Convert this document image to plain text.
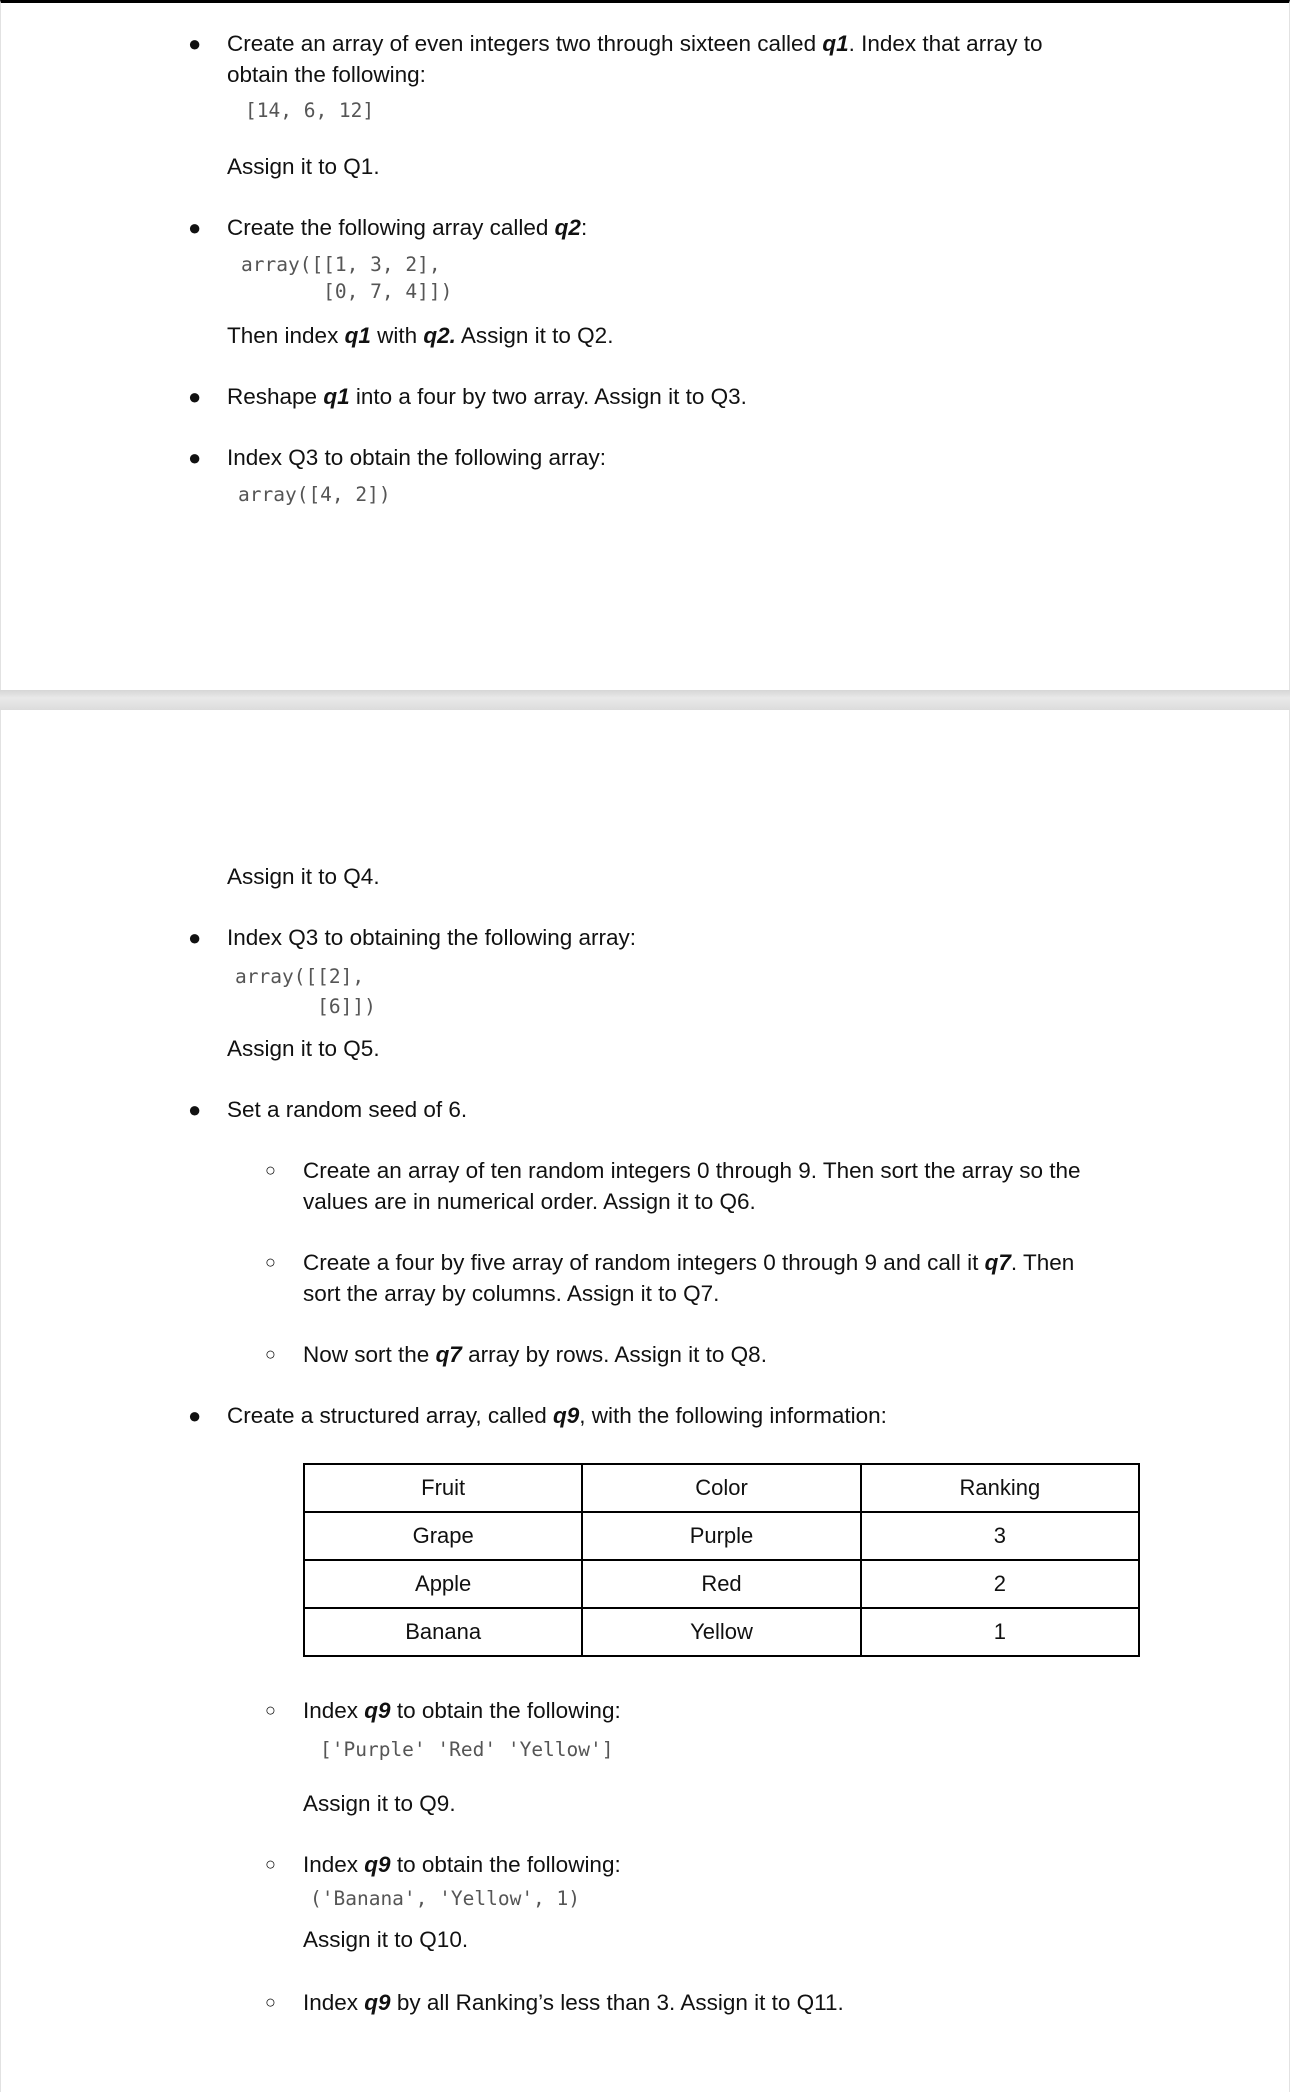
● Create an array of even integers two through sixteen called q1. Index that array to
obtain the following:
[14, 6, 12]
Assign it to Q1.
● Create the following array called q2:
array([[1, 3, 2],
[0, 7, 4]])
Then index q1 with q2. Assign it to Q2.
● Reshape q1 into a four by two array. Assign it to Q3.
● Index Q3 to obtain the following array:
array([4, 2])
Assign it to Q4.
● Index Q3 to obtaining the following array:
array([[2],
[6]])
Assign it to Q5.
● Set a random seed of 6.
○ Create an array of ten random integers 0 through 9. Then sort the array so the
values are in numerical order. Assign it to Q6.
○ Create a four by five array of random integers 0 through 9 and call it q7. Then
sort the array by columns. Assign it to Q7.
○ Now sort the q7 array by rows. Assign it to Q8.
● Create a structured array, called q9, with the following information:
Fruit	Color	Ranking
Grape	Purple	3
Apple	Red	2
Banana	Yellow	1
○ Index q9 to obtain the following:
['Purple' 'Red' 'Yellow']
Assign it to Q9.
○ Index q9 to obtain the following:
('Banana', 'Yellow', 1)
Assign it to Q10.
○ Index q9 by all Ranking’s less than 3. Assign it to Q11.
